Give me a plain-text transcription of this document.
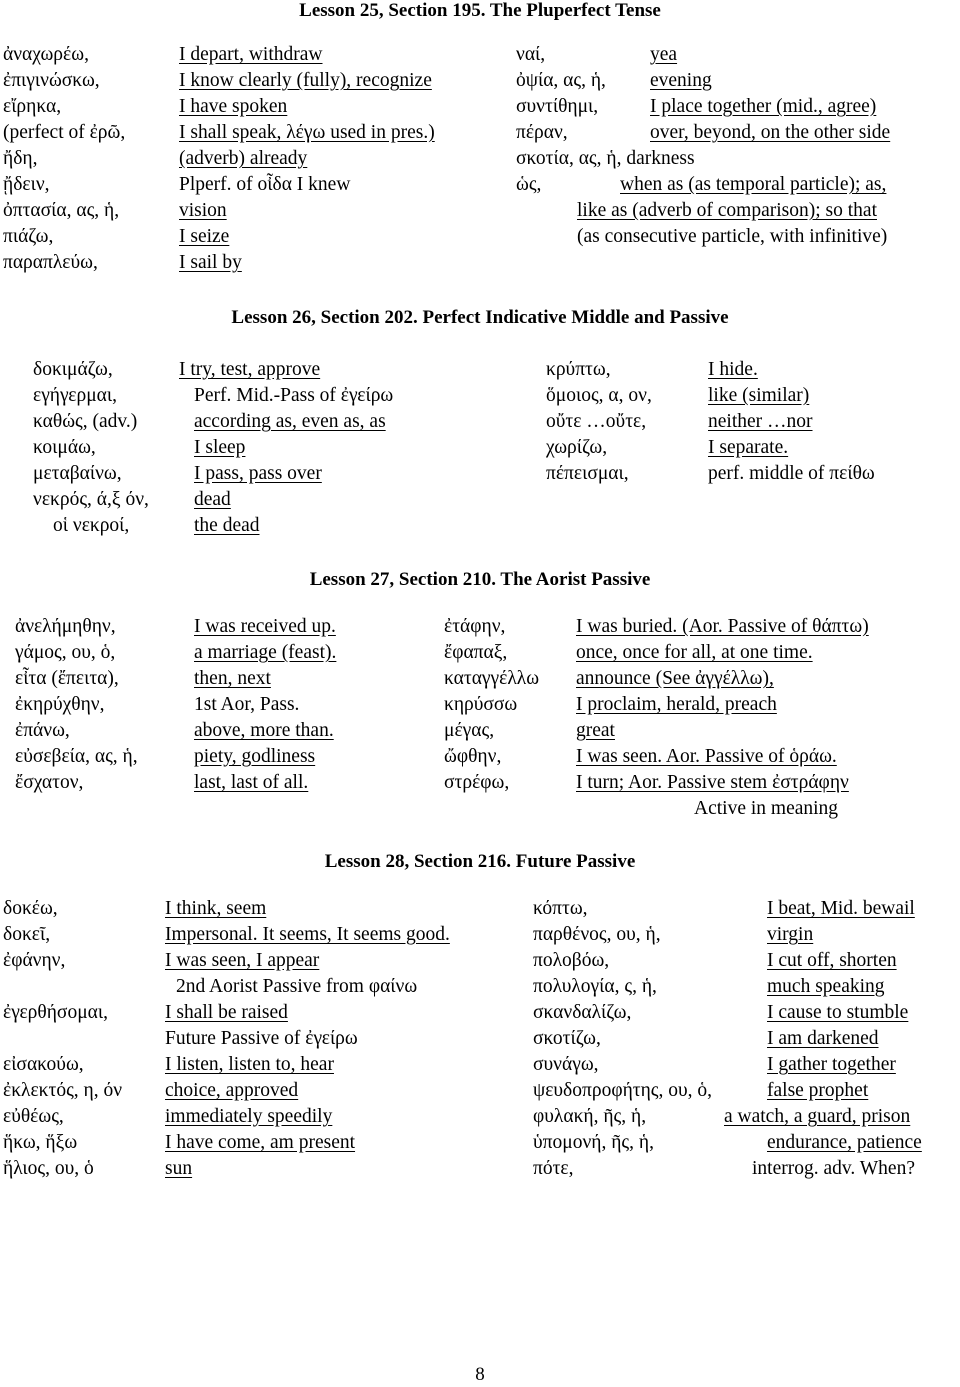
Lesson 25, Section 195. The Pluperfect Tense
ἀναχωρέω,	I depart, withdraw	ναί,	yea
ἐπιγινώσκω,	I know clearly (fully), recognize	ὀψία, ας, ἡ, evening
εἴρηκα,	I have spoken	συντίθημι,	I place together (mid., agree)
(perfect of ἐρῶ,	I shall speak, λέγω used in pres.)	πέραν,	over, beyond, on the other side
ἤδη,	(adverb) already	σκοτία, ας, ἡ, darkness
ᾔδειν,	Plperf. of οἶδα I knew	ὡς,	when as (as temporal particle); as,
ὀπτασία, ας, ἡ,	vision	like as (adverb of comparison); so that
πιάζω,	I seize	(as consecutive particle, with infinitive)
παραπλεύω,	I sail by
Lesson 26, Section 202. Perfect Indicative Middle and Passive
δοκιμάζω,	I try, test, approve	κρύπτω,	I hide.
εγήγερμαι,	Perf. Mid.-Pass of ἐγείρω	ὅμοιος, α, ον,	like (similar)
καθώς, (adv.)	according as, even as, as	οὔτε …οὔτε,	neither …nor
κοιμάω,	I sleep	χωρίζω,	I separate.
μεταβαίνω,	I pass, pass over	πέπεισμαι,	perf. middle of πείθω
νεκρός, ά,ξ όν, dead
οἱ νεκροί,	the dead
Lesson 27, Section 210. The Aorist Passive
ἀνελήμηθην,	I was received up.	ἐτάφην,	I was buried. (Aor. Passive of θάπτω)
γάμος, ου, ὁ,	a marriage (feast).	ἔφαπαξ,	once, once for all, at one time.
εἶτα (ἔπειτα),	then, next	καταγγέλλω announce (See ἀγγέλλω),
ἐκηρύχθην,	1st Aor, Pass.	κηρύσσω	I proclaim, herald, preach
ἐπάνω,	above, more than.	μέγας,	great
εὐσεβεία, ας, ἡ,	piety, godliness	ὤφθην,	I was seen. Aor. Passive of ὁράω.
ἔσχατον,	last, last of all.	στρέφω,	I turn; Aor. Passive stem ἐστράφην
Active in meaning
Lesson 28, Section 216. Future Passive
δοκέω,	I think, seem	κόπτω,	I beat, Mid. bewail
δοκεῖ,	Impersonal. It seems, It seems good.	παρθένος, ου, ἡ,	virgin
ἐφάνην,	I was seen, I appear	πολοβόω,	I cut off, shorten
2nd Aorist Passive from φαίνω	πολυλογία, ς, ἡ,	much speaking
ἐγερθήσομαι,	I shall be raised	σκανδαλίζω,	I cause to stumble
Future Passive of ἐγείρω	σκοτίζω,	I am darkened
εἰσακούω,	I listen, listen to, hear	συνάγω,	I gather together
ἐκλεκτός, η, όν choice, approved	ψευδοπροφήτης, ου, ὁ,	false prophet
εὐθέως,	immediately speedily	φυλακή, ῆς, ἡ,	a watch, a guard, prison
ἥκω, ἥξω	I have come, am present	ὑπομονή, ῆς, ἡ,	endurance, patience
ἥλιος, ου, ὁ	sun	πότε,	interrog. adv. When?
8
